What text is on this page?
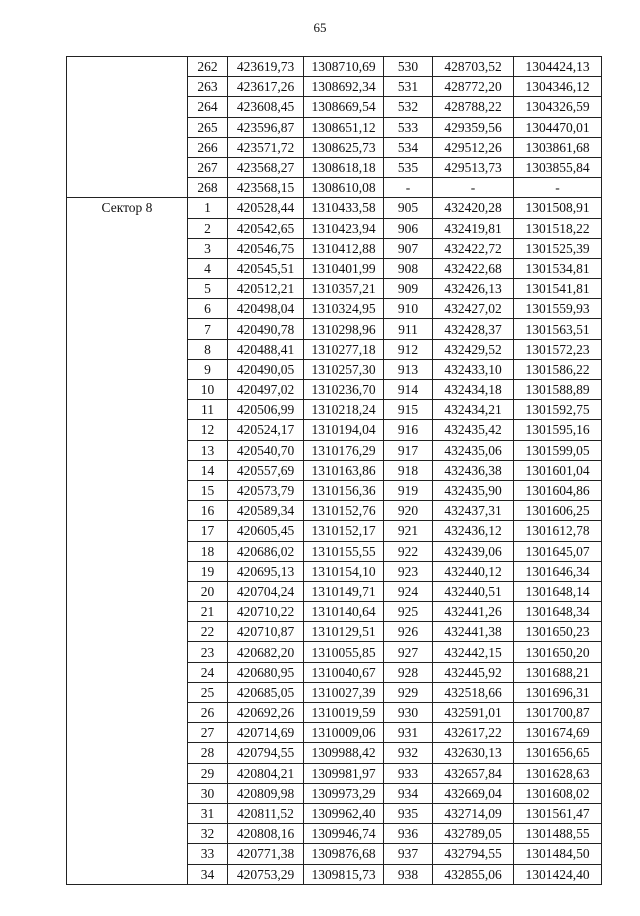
65
	262	423619,73	1308710,69	530	428703,52	1304424,13
	263	423617,26	1308692,34	531	428772,20	1304346,12
	264	423608,45	1308669,54	532	428788,22	1304326,59
	265	423596,87	1308651,12	533	429359,56	1304470,01
	266	423571,72	1308625,73	534	429512,26	1303861,68
	267	423568,27	1308618,18	535	429513,73	1303855,84
	268	423568,15	1308610,08	-	-	-
Сектор 8	1	420528,44	1310433,58	905	432420,28	1301508,91
	2	420542,65	1310423,94	906	432419,81	1301518,22
	3	420546,75	1310412,88	907	432422,72	1301525,39
	4	420545,51	1310401,99	908	432422,68	1301534,81
	5	420512,21	1310357,21	909	432426,13	1301541,81
	6	420498,04	1310324,95	910	432427,02	1301559,93
	7	420490,78	1310298,96	911	432428,37	1301563,51
	8	420488,41	1310277,18	912	432429,52	1301572,23
	9	420490,05	1310257,30	913	432433,10	1301586,22
	10	420497,02	1310236,70	914	432434,18	1301588,89
	11	420506,99	1310218,24	915	432434,21	1301592,75
	12	420524,17	1310194,04	916	432435,42	1301595,16
	13	420540,70	1310176,29	917	432435,06	1301599,05
	14	420557,69	1310163,86	918	432436,38	1301601,04
	15	420573,79	1310156,36	919	432435,90	1301604,86
	16	420589,34	1310152,76	920	432437,31	1301606,25
	17	420605,45	1310152,17	921	432436,12	1301612,78
	18	420686,02	1310155,55	922	432439,06	1301645,07
	19	420695,13	1310154,10	923	432440,12	1301646,34
	20	420704,24	1310149,71	924	432440,51	1301648,14
	21	420710,22	1310140,64	925	432441,26	1301648,34
	22	420710,87	1310129,51	926	432441,38	1301650,23
	23	420682,20	1310055,85	927	432442,15	1301650,20
	24	420680,95	1310040,67	928	432445,92	1301688,21
	25	420685,05	1310027,39	929	432518,66	1301696,31
	26	420692,26	1310019,59	930	432591,01	1301700,87
	27	420714,69	1310009,06	931	432617,22	1301674,69
	28	420794,55	1309988,42	932	432630,13	1301656,65
	29	420804,21	1309981,97	933	432657,84	1301628,63
	30	420809,98	1309973,29	934	432669,04	1301608,02
	31	420811,52	1309962,40	935	432714,09	1301561,47
	32	420808,16	1309946,74	936	432789,05	1301488,55
	33	420771,38	1309876,68	937	432794,55	1301484,50
	34	420753,29	1309815,73	938	432855,06	1301424,40
